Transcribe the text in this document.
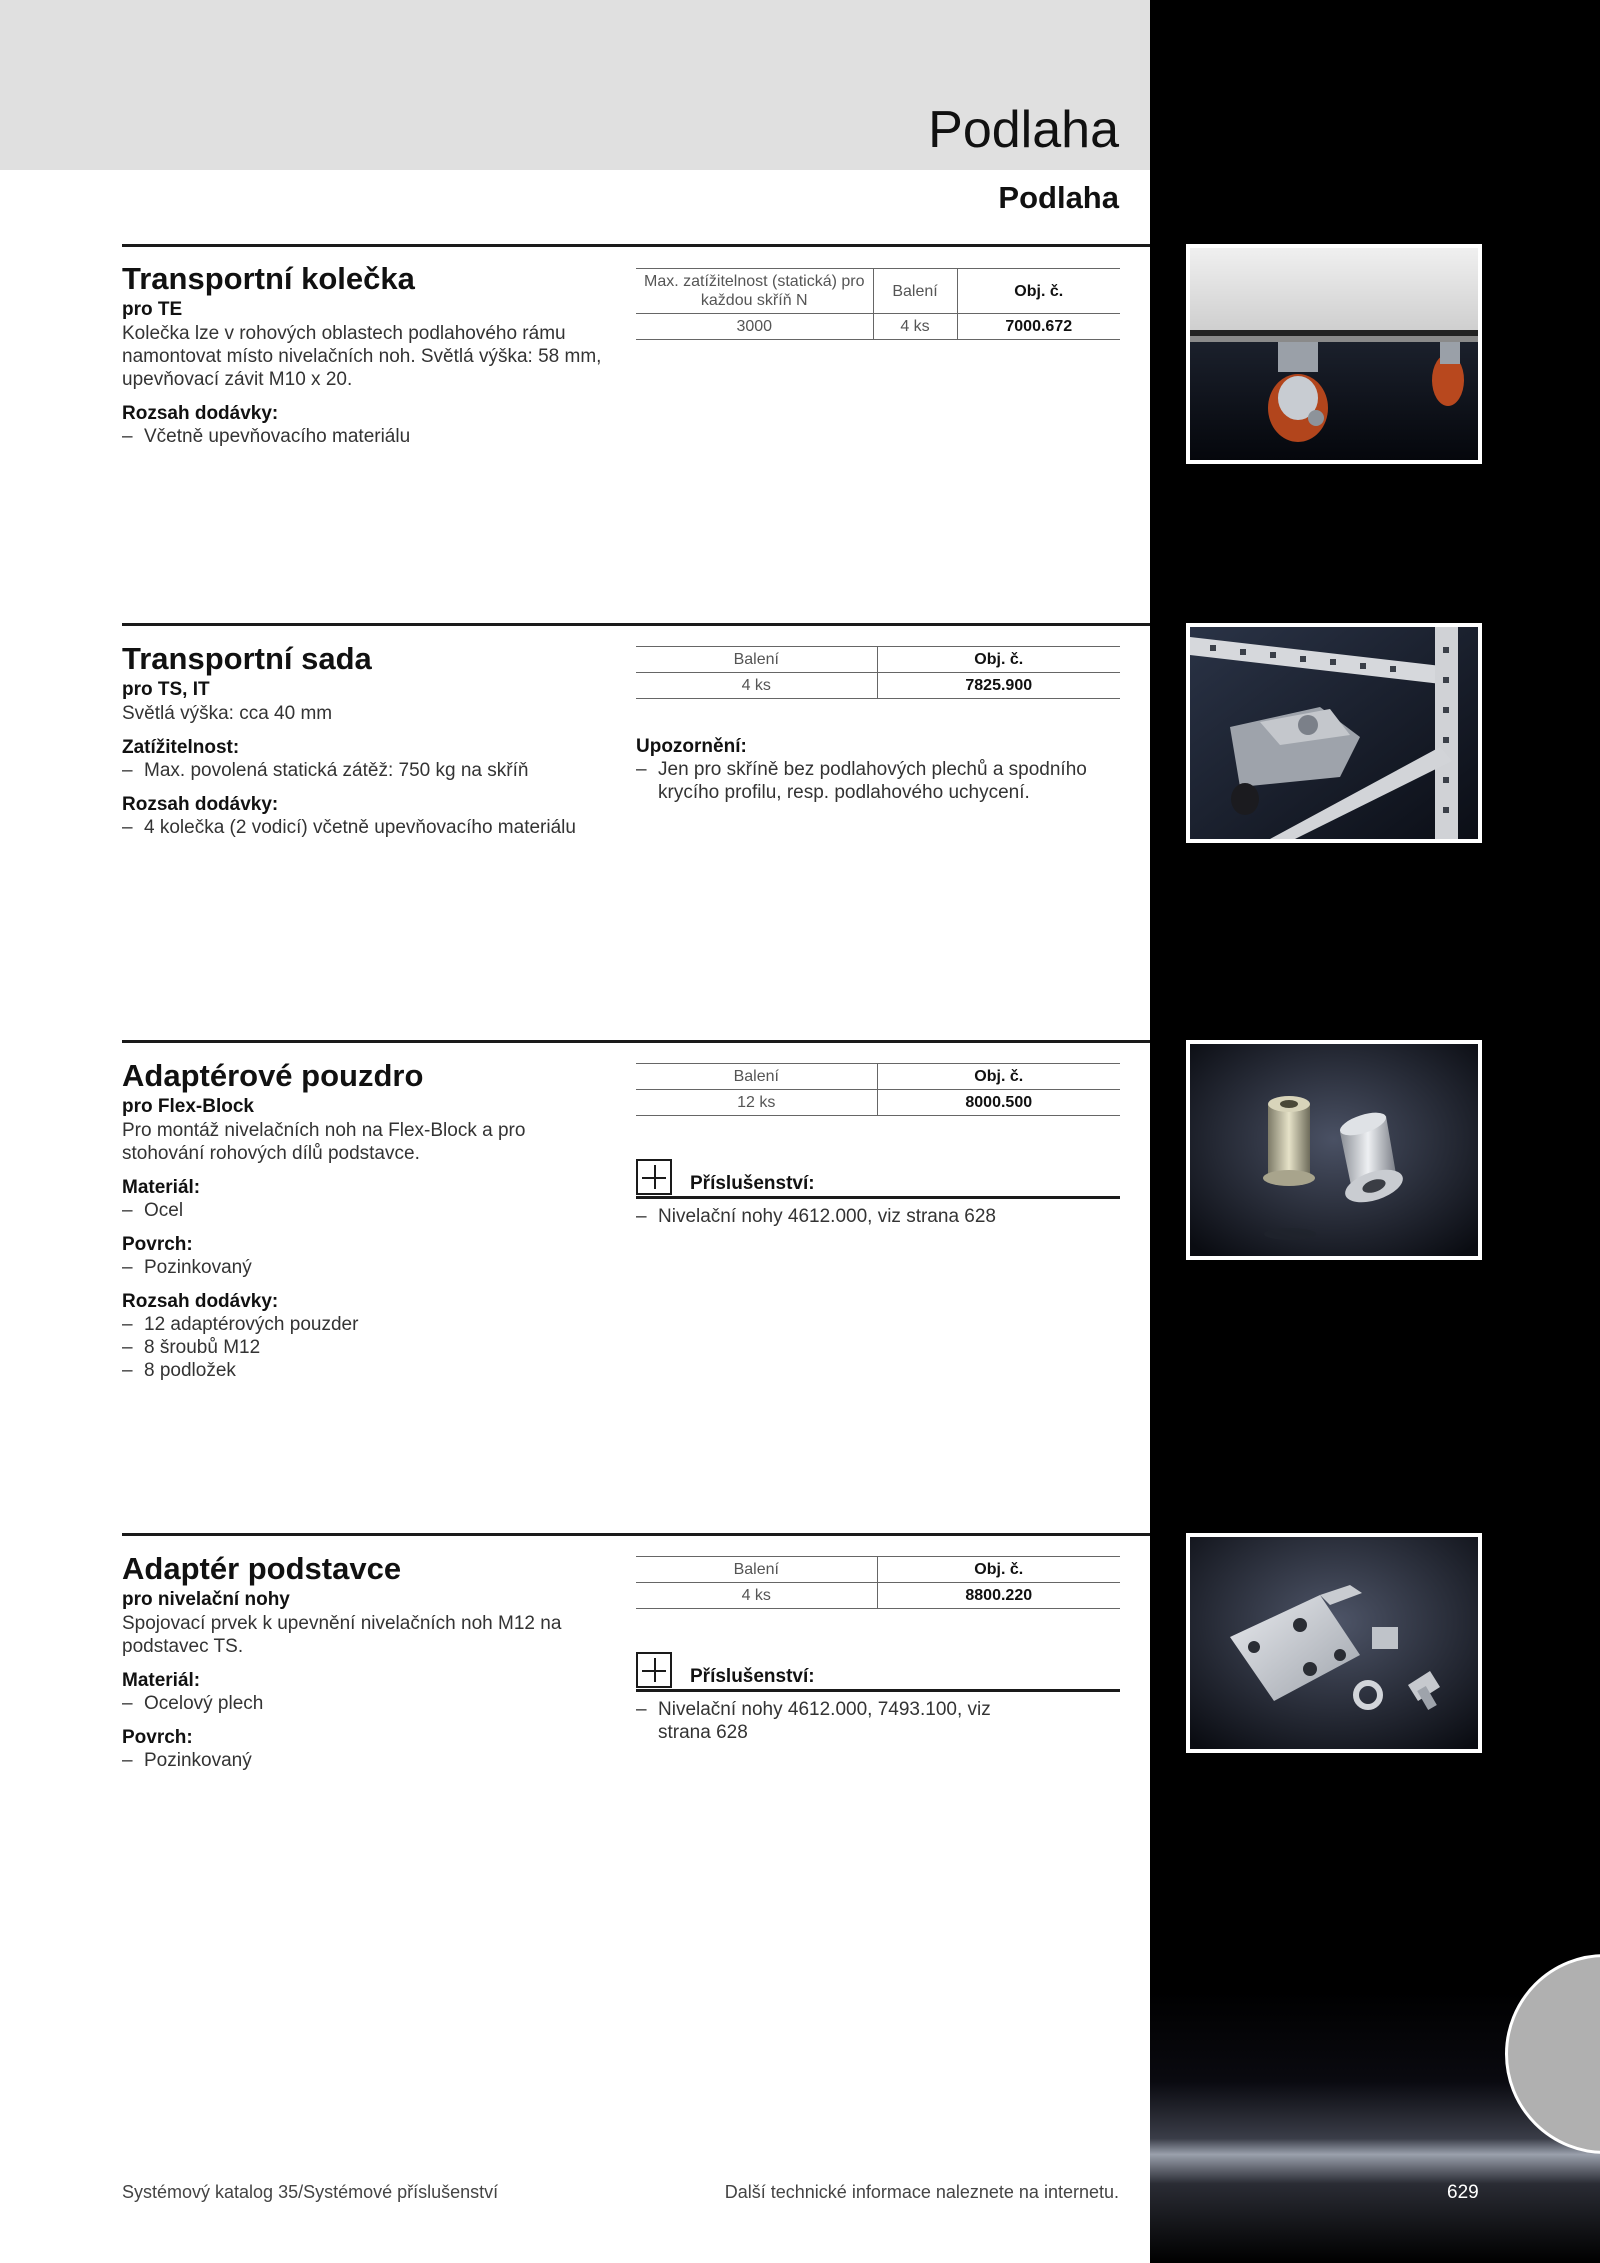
Podlaha
Podlaha
Transportní kolečka
pro TE
Kolečka lze v rohových oblastech podlahového rámu namontovat místo nivelačních noh. Světlá výška: 58 mm, upevňovací závit M10 x 20.
Rozsah dodávky:
– Včetně upevňovacího materiálu
Max. zatížitelnost (statická) pro každou skříň N	Balení	Obj. č.
3000	4 ks	7000.672
Transportní sada
pro TS, IT
Světlá výška: cca 40 mm
Zatížitelnost:
– Max. povolená statická zátěž: 750 kg na skříň
Rozsah dodávky:
– 4 kolečka (2 vodicí) včetně upevňovacího materiálu
Balení	Obj. č.
4 ks	7825.900
Upozornění:
– Jen pro skříně bez podlahových plechů a spodního krycího profilu, resp. podlahového uchycení.
Adaptérové pouzdro
pro Flex-Block
Pro montáž nivelačních noh na Flex-Block a pro stohování rohových dílů podstavce.
Materiál:
– Ocel
Povrch:
– Pozinkovaný
Rozsah dodávky:
– 12 adaptérových pouzder
– 8 šroubů M12
– 8 podložek
Balení	Obj. č.
12 ks	8000.500
Příslušenství:
– Nivelační nohy 4612.000, viz strana 628
Adaptér podstavce
pro nivelační nohy
Spojovací prvek k upevnění nivelačních noh M12 na podstavec TS.
Materiál:
– Ocelový plech
Povrch:
– Pozinkovaný
Balení	Obj. č.
4 ks	8800.220
Příslušenství:
– Nivelační nohy 4612.000, 7493.100, viz strana 628
Systémový katalog 35/Systémové příslušenství	Další technické informace naleznete na internetu.	629
